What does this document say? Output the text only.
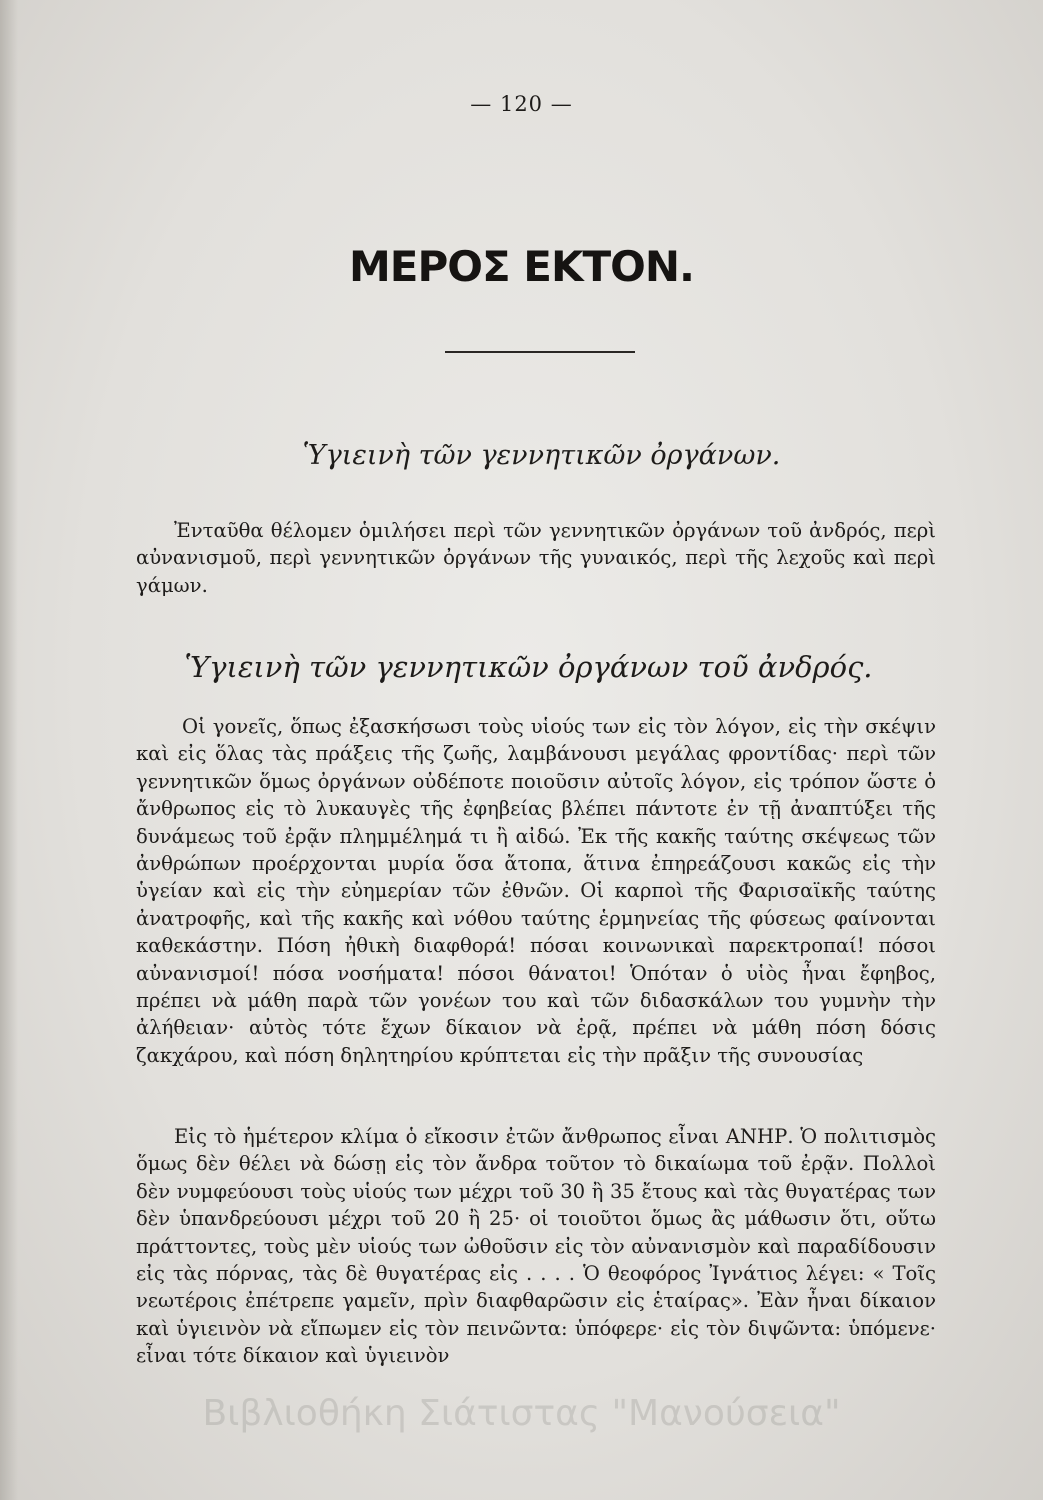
— 120 —
ΜΕΡΟΣ ΕΚΤΟΝ.
Ὑγιεινὴ τῶν γεννητικῶν ὀργάνων.

Ἐνταῦθα θέλομεν ὁμιλήσει περὶ τῶν γεννητικῶν ὀργάνων τοῦ ἀνδρός, περὶ αὐνανισμοῦ, περὶ γεννητικῶν ὀργάνων τῆς γυναικός, περὶ τῆς λεχοῦς καὶ περὶ γάμων.

Ὑγιεινὴ τῶν γεννητικῶν ὀργάνων τοῦ ἀνδρός.

Οἱ γονεῖς, ὅπως ἐξασκήσωσι τοὺς υἱούς των εἰς τὸν λόγον, εἰς τὴν σκέψιν καὶ εἰς ὅλας τὰς πράξεις τῆς ζωῆς, λαμβάνουσι μεγάλας φροντίδας· περὶ τῶν γεννητικῶν ὅμως ὀργάνων οὐδέποτε ποιοῦσιν αὐτοῖς λόγον, εἰς τρόπον ὥστε ὁ ἄνθρωπος εἰς τὸ λυκαυγὲς τῆς ἐφηβείας βλέπει πάντοτε ἐν τῇ ἀναπτύξει τῆς δυνάμεως τοῦ ἐρᾷν πλημμέλημά τι ἢ αἰδώ. Ἐκ τῆς κακῆς ταύτης σκέψεως τῶν ἀνθρώπων προέρχονται μυρία ὅσα ἄτοπα, ἅτινα ἐπηρεάζουσι κακῶς εἰς τὴν ὑγείαν καὶ εἰς τὴν εὐημερίαν τῶν ἐθνῶν. Οἱ καρποὶ τῆς Φαρισαϊκῆς ταύτης ἀνατροφῆς, καὶ τῆς κακῆς καὶ νόθου ταύτης ἑρμηνείας τῆς φύσεως φαίνονται καθεκάστην. Πόση ἠθικὴ διαφθορά! πόσαι κοινωνικαὶ παρεκτροπαί! πόσοι αὐνανισμοί! πόσα νοσήματα! πόσοι θάνατοι! Ὁπόταν ὁ υἱὸς ἦναι ἔφηβος, πρέπει νὰ μάθη παρὰ τῶν γονέων του καὶ τῶν διδασκάλων του γυμνὴν τὴν ἀλήθειαν· αὐτὸς τότε ἔχων δίκαιον νὰ ἐρᾷ, πρέπει νὰ μάθη πόση δόσις ζακχάρου, καὶ πόση δηλητηρίου κρύπτεται εἰς τὴν πρᾶξιν τῆς συνουσίας

Εἰς τὸ ἡμέτερον κλίμα ὁ εἴκοσιν ἐτῶν ἄνθρωπος εἶναι ΑΝΗΡ. Ὁ πολιτισμὸς ὅμως δὲν θέλει νὰ δώσῃ εἰς τὸν ἄνδρα τοῦτον τὸ δικαίωμα τοῦ ἐρᾷν. Πολλοὶ δὲν νυμφεύουσι τοὺς υἱούς των μέχρι τοῦ 30 ἢ 35 ἔτους καὶ τὰς θυγατέρας των δὲν ὑπανδρεύουσι μέχρι τοῦ 20 ἢ 25· οἱ τοιοῦτοι ὅμως ἂς μάθωσιν ὅτι, οὕτω πράττοντες, τοὺς μὲν υἱούς των ὠθοῦσιν εἰς τὸν αὐνανισμὸν καὶ παραδίδουσιν εἰς τὰς πόρνας, τὰς δὲ θυγατέρας εἰς . . . . Ὁ θεοφόρος Ἰγνάτιος λέγει: « Τοῖς νεωτέροις ἐπέτρεπε γαμεῖν, πρὶν διαφθαρῶσιν εἰς ἑταίρας». Ἐὰν ἦναι δίκαιον καὶ ὑγιεινὸν νὰ εἴπωμεν εἰς τὸν πεινῶντα: ὑπόφερε· εἰς τὸν διψῶντα: ὑπόμενε· εἶναι τότε δίκαιον καὶ ὑγιεινὸν

Βιβλιοθήκη Σιάτιστας "Μανούσεια"
